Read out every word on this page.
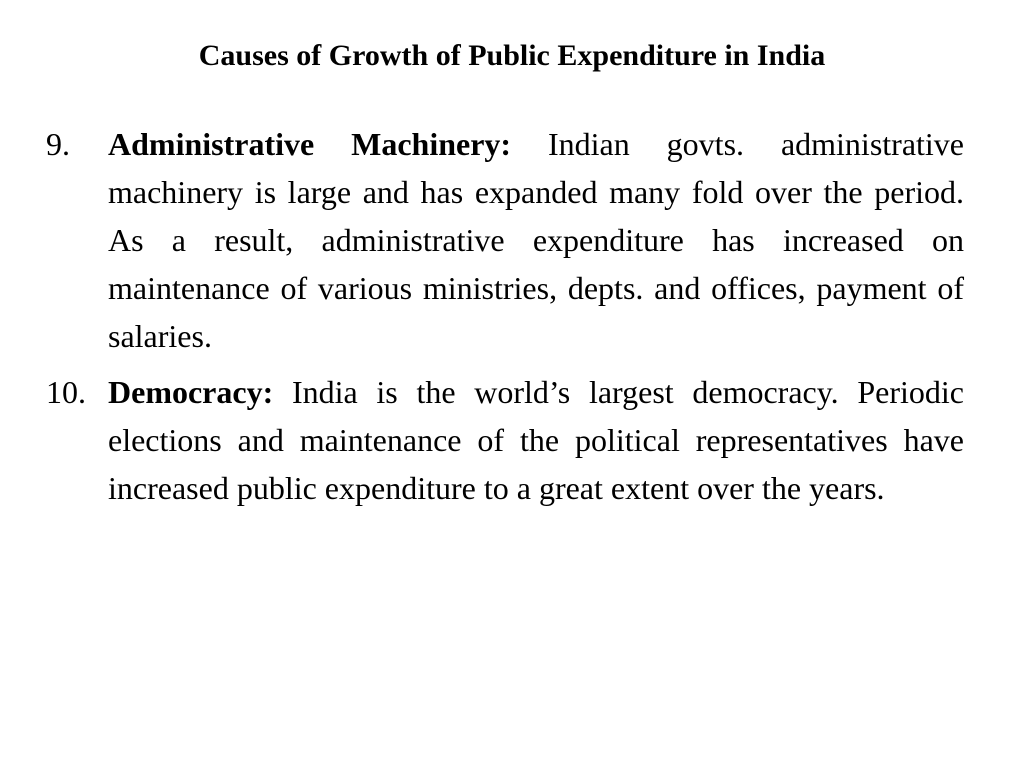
Causes of Growth of Public Expenditure in India
9.	Administrative Machinery: Indian govts. administrative machinery is large and has expanded many fold over the period. As a result, administrative expenditure has increased on maintenance of various ministries, depts. and offices, payment of salaries.
10. Democracy: India is the world’s largest democracy. Periodic elections and maintenance of the political representatives have increased public expenditure to a great extent over the years.
